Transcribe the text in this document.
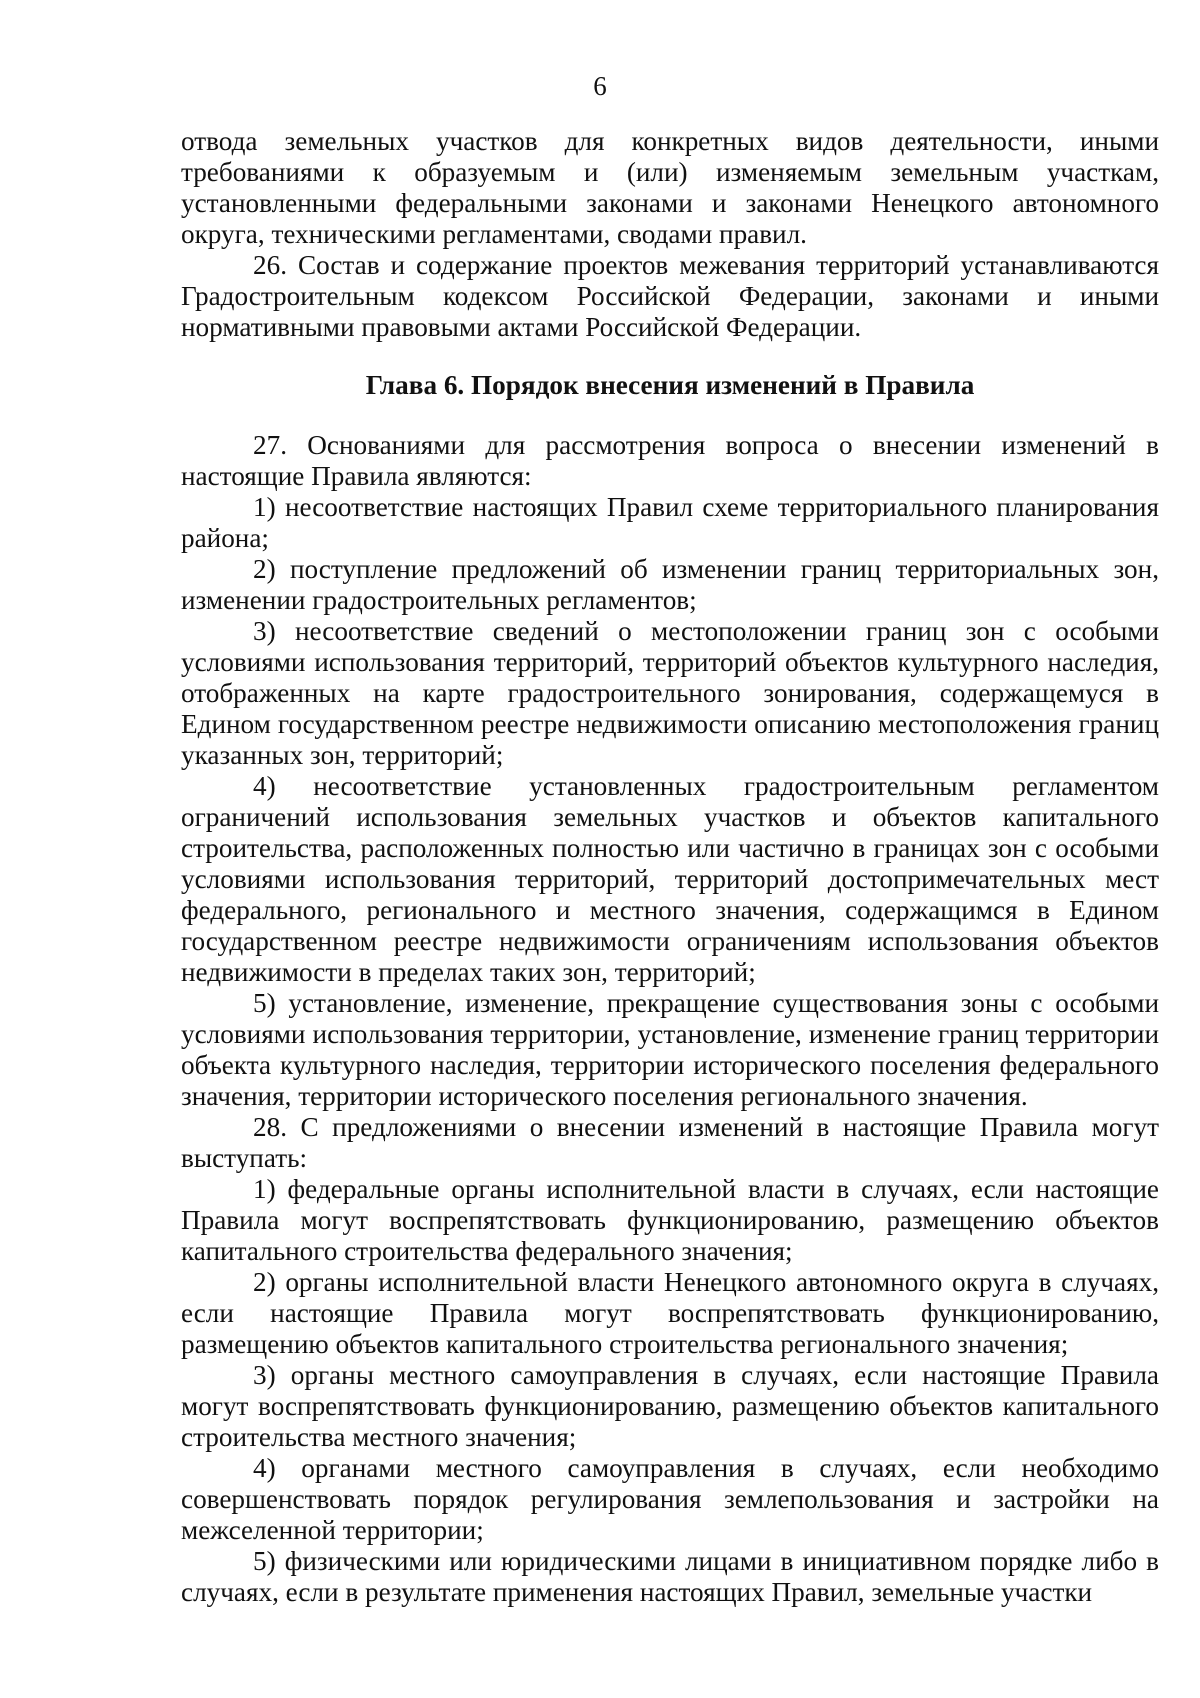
6

отвода земельных участков для конкретных видов деятельности, иными требованиями к образуемым и (или) изменяемым земельным участкам, установленными федеральными законами и законами Ненецкого автономного округа, техническими регламентами, сводами правил.

26. Состав и содержание проектов межевания территорий устанавливаются Градостроительным кодексом Российской Федерации, законами и иными нормативными правовыми актами Российской Федерации.

Глава 6. Порядок внесения изменений в Правила

27. Основаниями для рассмотрения вопроса о внесении изменений в настоящие Правила являются:

1) несоответствие настоящих Правил схеме территориального планирования района;

2) поступление предложений об изменении границ территориальных зон, изменении градостроительных регламентов;

3) несоответствие сведений о местоположении границ зон с особыми условиями использования территорий, территорий объектов культурного наследия, отображенных на карте градостроительного зонирования, содержащемуся в Едином государственном реестре недвижимости описанию местоположения границ указанных зон, территорий;

4) несоответствие установленных градостроительным регламентом ограничений использования земельных участков и объектов капитального строительства, расположенных полностью или частично в границах зон с особыми условиями использования территорий, территорий достопримечательных мест федерального, регионального и местного значения, содержащимся в Едином государственном реестре недвижимости ограничениям использования объектов недвижимости в пределах таких зон, территорий;

5) установление, изменение, прекращение существования зоны с особыми условиями использования территории, установление, изменение границ территории объекта культурного наследия, территории исторического поселения федерального значения, территории исторического поселения регионального значения.

28. С предложениями о внесении изменений в настоящие Правила могут выступать:

1) федеральные органы исполнительной власти в случаях, если настоящие Правила могут воспрепятствовать функционированию, размещению объектов капитального строительства федерального значения;

2) органы исполнительной власти Ненецкого автономного округа в случаях, если настоящие Правила могут воспрепятствовать функционированию, размещению объектов капитального строительства регионального значения;

3) органы местного самоуправления в случаях, если настоящие Правила могут воспрепятствовать функционированию, размещению объектов капитального строительства местного значения;

4) органами местного самоуправления в случаях, если необходимо совершенствовать порядок регулирования землепользования и застройки на межселенной территории;

5) физическими или юридическими лицами в инициативном порядке либо в случаях, если в результате применения настоящих Правил, земельные участки
